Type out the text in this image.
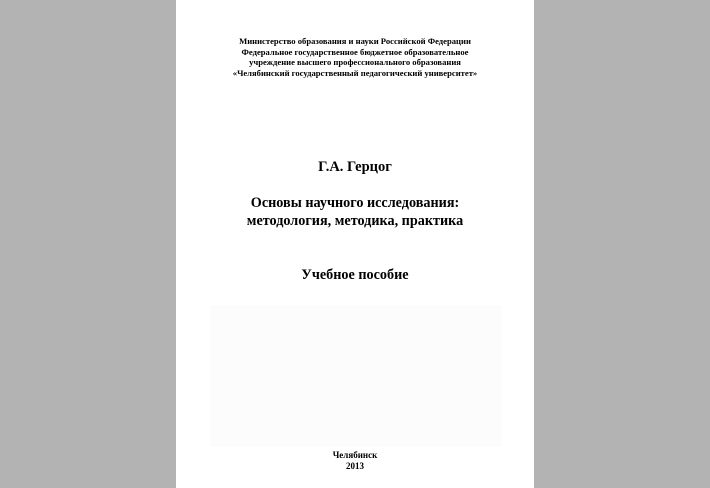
Министерство образования и науки Российской Федерации
Федеральное государственное бюджетное образовательное
учреждение высшего профессионального образования
«Челябинский государственный педагогический университет»
Г.А. Герцог
Основы научного исследования:
методология, методика, практика
Учебное пособие
Челябинск
2013
